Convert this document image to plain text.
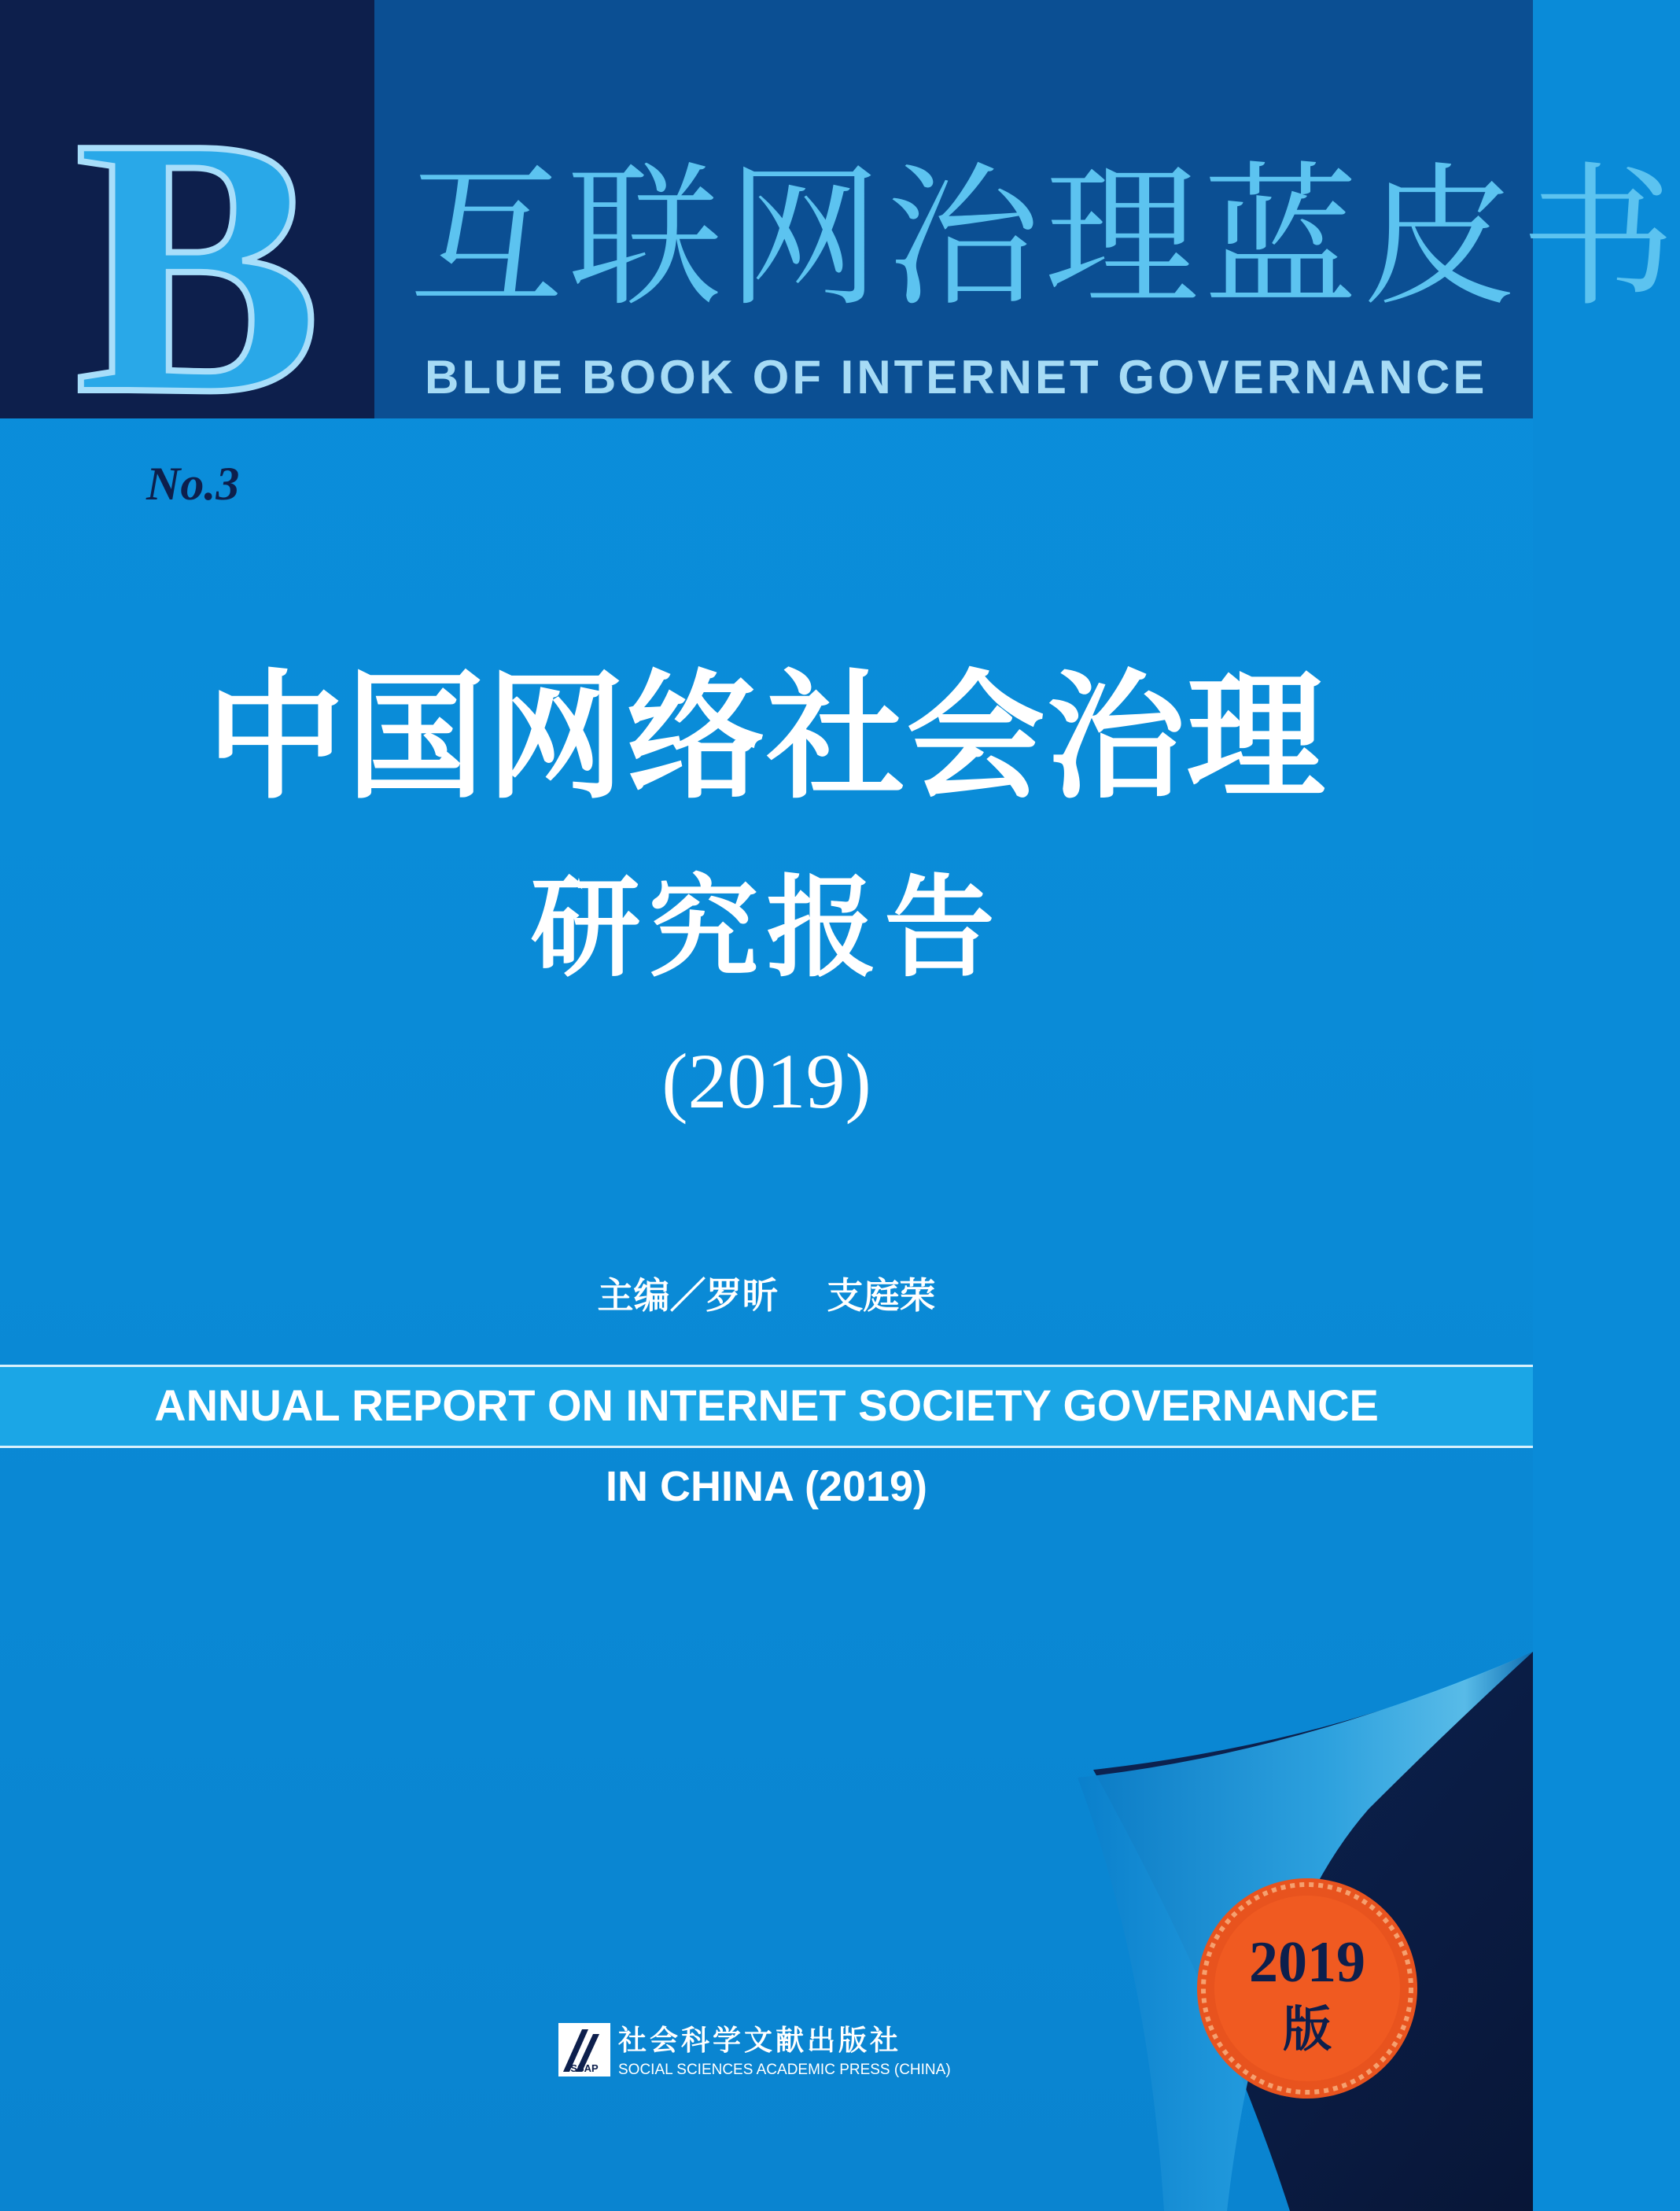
B 互联网治理蓝皮书
BLUE BOOK OF INTERNET GOVERNANCE
No.3
中国网络社会治理
研究报告
(2019)
主编／罗昕　 支庭荣
ANNUAL REPORT ON INTERNET SOCIETY GOVERNANCE
IN CHINA (2019)
2019
版
SSAP
社会科学文献出版社
SOCIAL SCIENCES ACADEMIC PRESS (CHINA)
